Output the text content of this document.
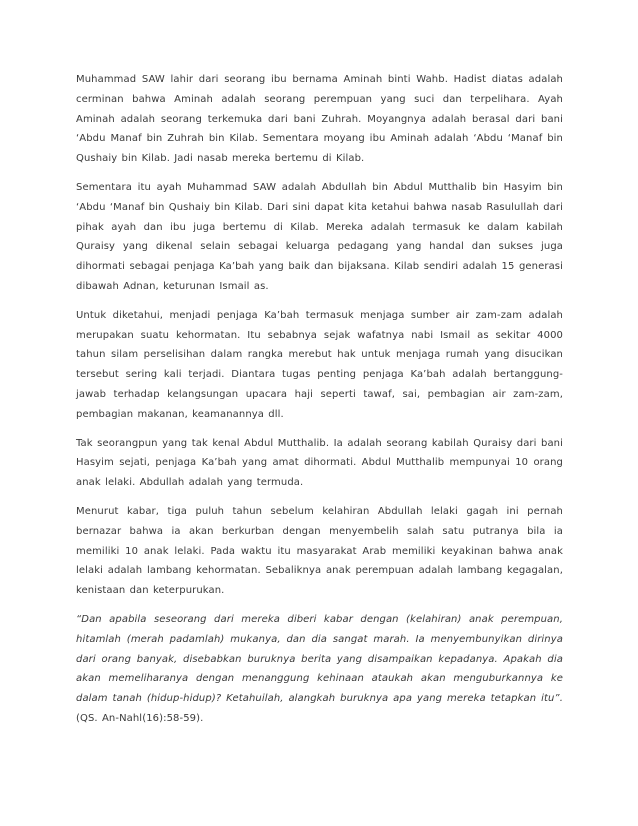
Muhammad SAW lahir dari seorang ibu bernama Aminah binti Wahb. Hadist diatas adalah cerminan bahwa Aminah adalah seorang perempuan yang suci dan terpelihara. Ayah Aminah adalah seorang terkemuka dari bani Zuhrah. Moyangnya adalah berasal dari bani ‘Abdu Manaf bin Zuhrah bin Kilab. Sementara moyang ibu Aminah adalah ‘Abdu ‘Manaf bin Qushaiy bin Kilab. Jadi nasab mereka bertemu di Kilab.

Sementara itu ayah Muhammad SAW adalah Abdullah bin Abdul Mutthalib bin Hasyim bin ‘Abdu ‘Manaf bin Qushaiy bin Kilab. Dari sini dapat kita ketahui bahwa nasab Rasulullah dari pihak ayah dan ibu juga bertemu di Kilab. Mereka adalah termasuk ke dalam kabilah Quraisy yang dikenal selain sebagai keluarga pedagang yang handal dan sukses juga dihormati sebagai penjaga Ka’bah yang baik dan bijaksana. Kilab sendiri adalah 15 generasi dibawah Adnan, keturunan Ismail as.

Untuk diketahui, menjadi penjaga Ka’bah termasuk menjaga sumber air zam-zam adalah merupakan suatu kehormatan. Itu sebabnya sejak wafatnya nabi Ismail as sekitar 4000 tahun silam perselisihan dalam rangka merebut hak untuk menjaga rumah yang disucikan tersebut sering kali terjadi. Diantara tugas penting penjaga Ka’bah adalah bertanggung-jawab terhadap kelangsungan upacara haji seperti tawaf, sai, pembagian air zam-zam, pembagian makanan, keamanannya dll.

Tak seorangpun yang tak kenal Abdul Mutthalib. Ia adalah seorang kabilah Quraisy dari bani Hasyim sejati, penjaga Ka’bah yang amat dihormati. Abdul Mutthalib mempunyai 10 orang anak lelaki. Abdullah adalah yang termuda.

Menurut kabar, tiga puluh tahun sebelum kelahiran Abdullah lelaki gagah ini pernah bernazar bahwa ia akan berkurban dengan menyembelih salah satu putranya bila ia memiliki 10 anak lelaki. Pada waktu itu masyarakat Arab memiliki keyakinan bahwa anak lelaki adalah lambang kehormatan. Sebaliknya anak perempuan adalah lambang kegagalan, kenistaan dan keterpurukan.

“Dan apabila seseorang dari mereka diberi kabar dengan (kelahiran) anak perempuan, hitamlah (merah padamlah) mukanya, dan dia sangat marah. Ia menyembunyikan dirinya dari orang banyak, disebabkan buruknya berita yang disampaikan kepadanya. Apakah dia akan memeliharanya dengan menanggung kehinaan ataukah akan menguburkannya ke dalam tanah (hidup-hidup)? Ketahuilah, alangkah buruknya apa yang mereka tetapkan itu”.(QS. An-Nahl(16):58-59).
